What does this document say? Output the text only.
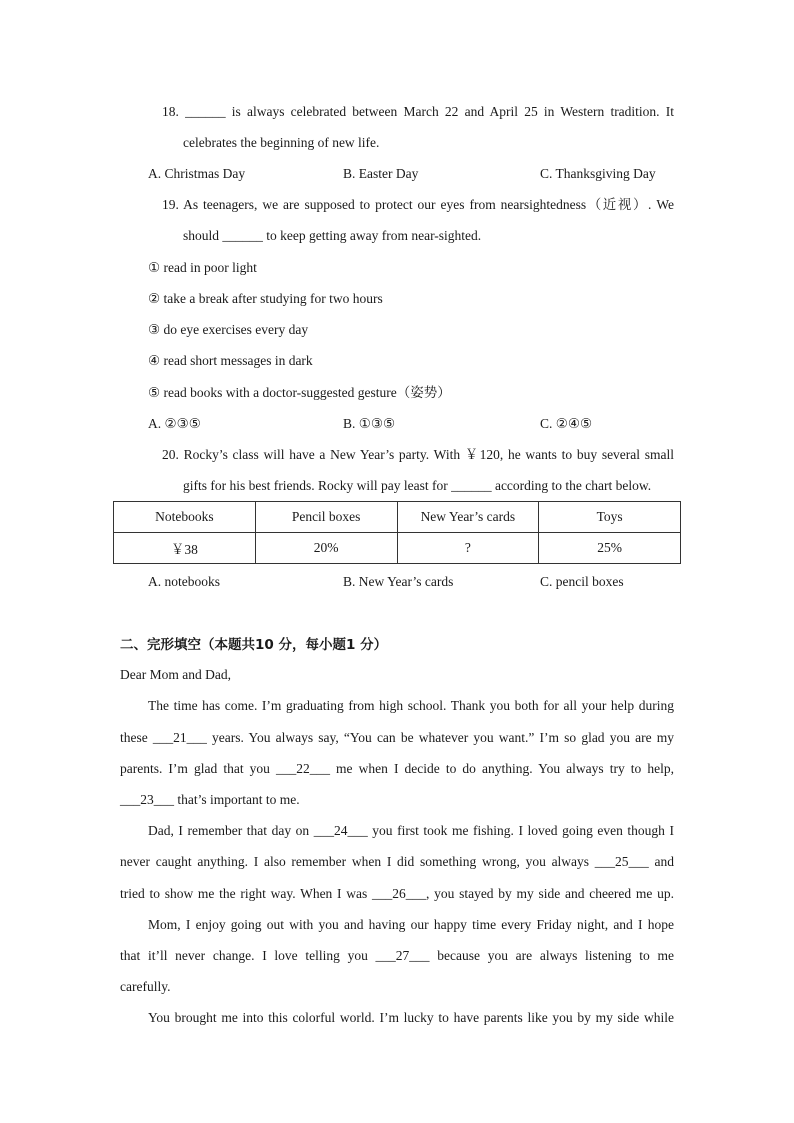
18. ______ is always celebrated between March 22 and April 25 in Western tradition. It
celebrates the beginning of new life.
A. Christmas Day	B. Easter Day	C. Thanksgiving Day
19. As teenagers, we are supposed to protect our eyes from nearsightedness（近视）. We
should ______ to keep getting away from near-sighted.
① read in poor light
② take a break after studying for two hours
③ do eye exercises every day
④ read short messages in dark
⑤ read books with a doctor-suggested gesture（姿势）
A. ②③⑤	B. ①③⑤	C. ②④⑤
20. Rocky’s class will have a New Year’s party. With ￥120, he wants to buy several small
gifts for his best friends. Rocky will pay least for ______ according to the chart below.
Notebooks	Pencil boxes	New Year’s cards	Toys
￥38	20%	?	25%
A. notebooks	B. New Year’s cards	C. pencil boxes
二、完形填空（本题共10 分，每小题1 分）
Dear Mom and Dad,
The time has come. I’m graduating from high school. Thank you both for all your help during
these ___21___ years. You always say, “You can be whatever you want.” I’m so glad you are my
parents. I’m glad that you ___22___ me when I decide to do anything. You always try to help,
___23___ that’s important to me.
Dad, I remember that day on ___24___ you first took me fishing. I loved going even though I
never caught anything. I also remember when I did something wrong, you always ___25___ and
tried to show me the right way. When I was ___26___, you stayed by my side and cheered me up.
Mom, I enjoy going out with you and having our happy time every Friday night, and I hope
that it’ll never change. I love telling you ___27___ because you are always listening to me
carefully.
You brought me into this colorful world. I’m lucky to have parents like you by my side while
